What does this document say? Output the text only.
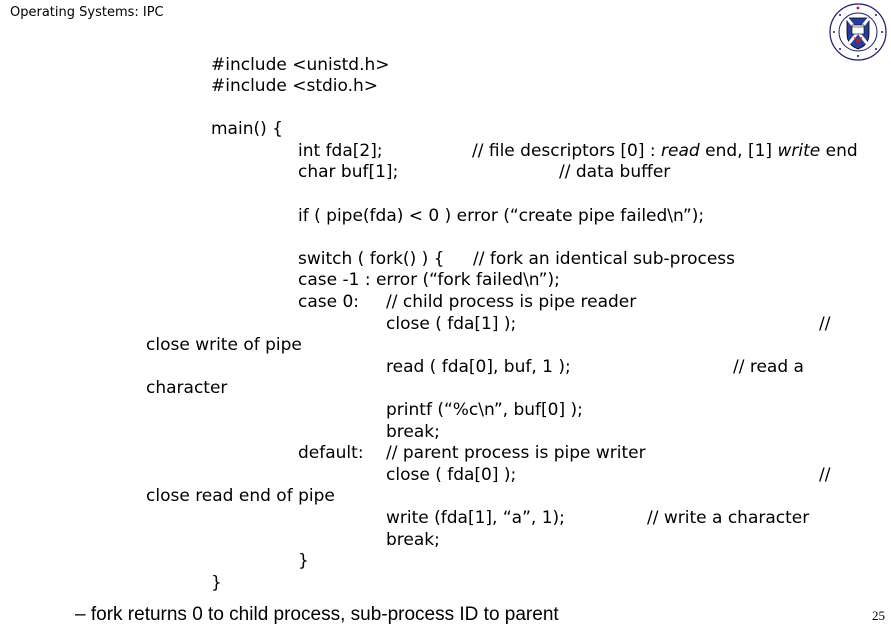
Operating Systems: IPC
#include <unistd.h>
#include <stdio.h>
main() {
int fda[2];	// file descriptors [0] : read end, [1] write end
char buf[1];	// data buffer
if ( pipe(fda) < 0 ) error (“create pipe failed\n”);
switch ( fork() ) { // fork an identical sub-process
case -1 : error (“fork failed\n”);
case 0: // child process is pipe reader
close ( fda[1] );	//
close write of pipe
read ( fda[0], buf, 1 );	// read a
character
printf (“%c\n”, buf[0] );
break;
default: // parent process is pipe writer
close ( fda[0] );	//
close read end of pipe
write (fda[1], “a”, 1);	// write a character
break;
}
}
– fork returns 0 to child process, sub-process ID to parent	25
